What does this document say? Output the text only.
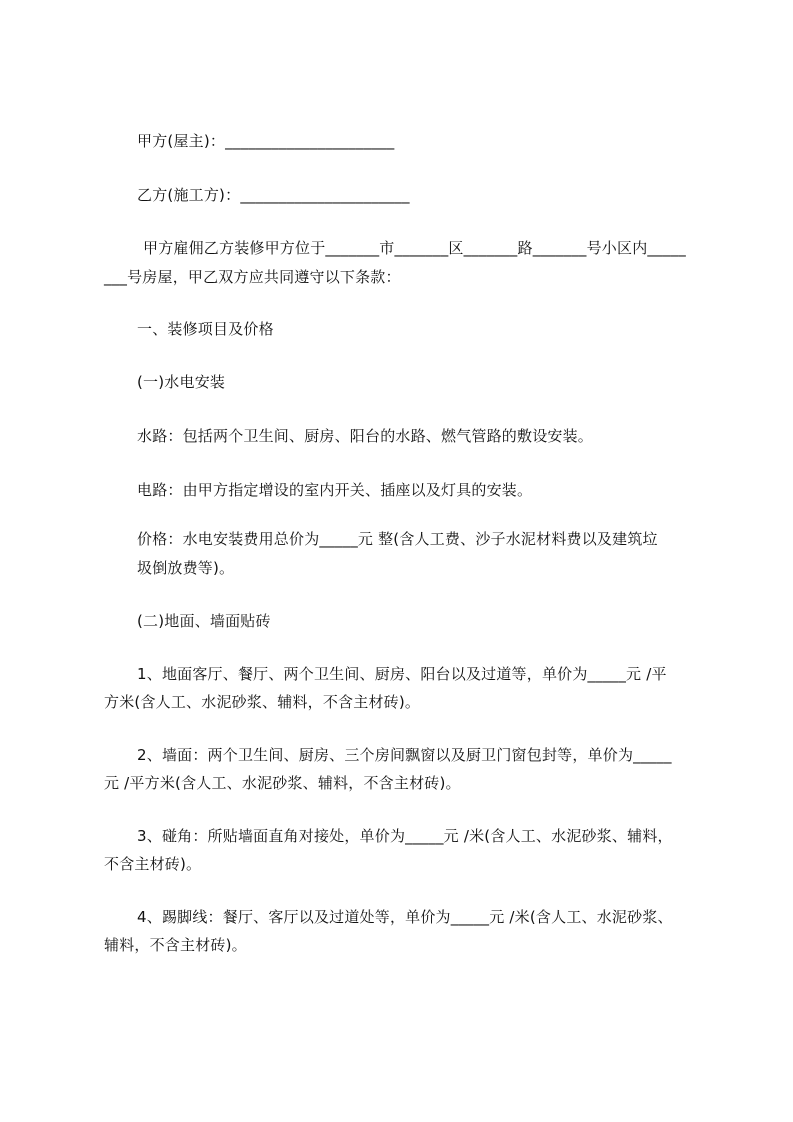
甲方(屋主)：______________________
乙方(施工方)：______________________
甲方雇佣乙方装修甲方位于_______市_______区_______路_______号小区内_____
___号房屋，甲乙双方应共同遵守以下条款：
一、装修项目及价格
(一)水电安装
水路：包括两个卫生间、厨房、阳台的水路、燃气管路的敷设安装。
电路：由甲方指定增设的室内开关、插座以及灯具的安装。
价格：水电安装费用总价为_____元 整(含人工费、沙子水泥材料费以及建筑垃
圾倒放费等)。
(二)地面、墙面贴砖
1、地面客厅、餐厅、两个卫生间、厨房、阳台以及过道等，单价为_____元 /平
方米(含人工、水泥砂浆、辅料，不含主材砖)。
2、墙面：两个卫生间、厨房、三个房间飘窗以及厨卫门窗包封等，单价为_____
元 /平方米(含人工、水泥砂浆、辅料，不含主材砖)。
3、碰角：所贴墙面直角对接处，单价为_____元 /米(含人工、水泥砂浆、辅料，
不含主材砖)。
4、踢脚线：餐厅、客厅以及过道处等，单价为_____元 /米(含人工、水泥砂浆、
辅料，不含主材砖)。
